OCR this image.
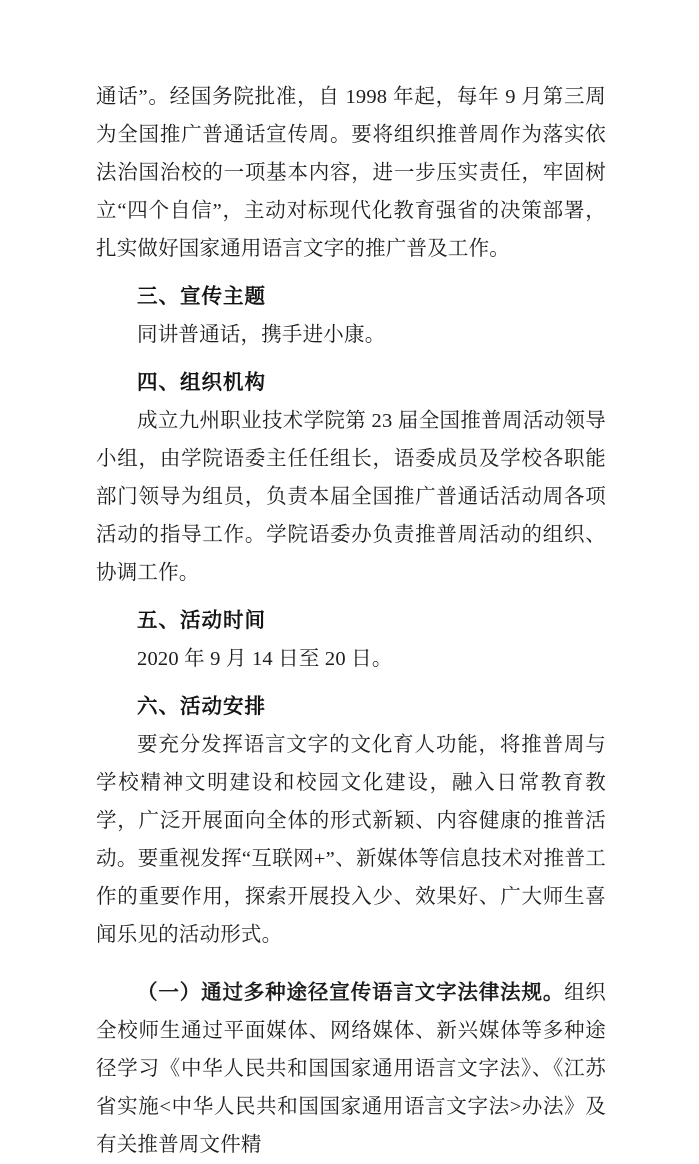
通话”。经国务院批准，自 1998 年起，每年 9 月第三周为全国推广普通话宣传周。要将组织推普周作为落实依法治国治校的一项基本内容，进一步压实责任，牢固树立“四个自信”，主动对标现代化教育强省的决策部署，扎实做好国家通用语言文字的推广普及工作。

三、宣传主题

同讲普通话，携手进小康。

四、组织机构

成立九州职业技术学院第 23 届全国推普周活动领导小组，由学院语委主任任组长，语委成员及学校各职能部门领导为组员，负责本届全国推广普通话活动周各项活动的指导工作。学院语委办负责推普周活动的组织、协调工作。

五、活动时间

2020 年 9 月 14 日至 20 日。

六、活动安排

要充分发挥语言文字的文化育人功能，将推普周与学校精神文明建设和校园文化建设，融入日常教育教学，广泛开展面向全体的形式新颖、内容健康的推普活动。要重视发挥“互联网+”、新媒体等信息技术对推普工作的重要作用，探索开展投入少、效果好、广大师生喜闻乐见的活动形式。

（一）通过多种途径宣传语言文字法律法规。组织全校师生通过平面媒体、网络媒体、新兴媒体等多种途径学习《中华人民共和国国家通用语言文字法》、《江苏省实施<中华人民共和国国家通用语言文字法>办法》及有关推普周文件精
